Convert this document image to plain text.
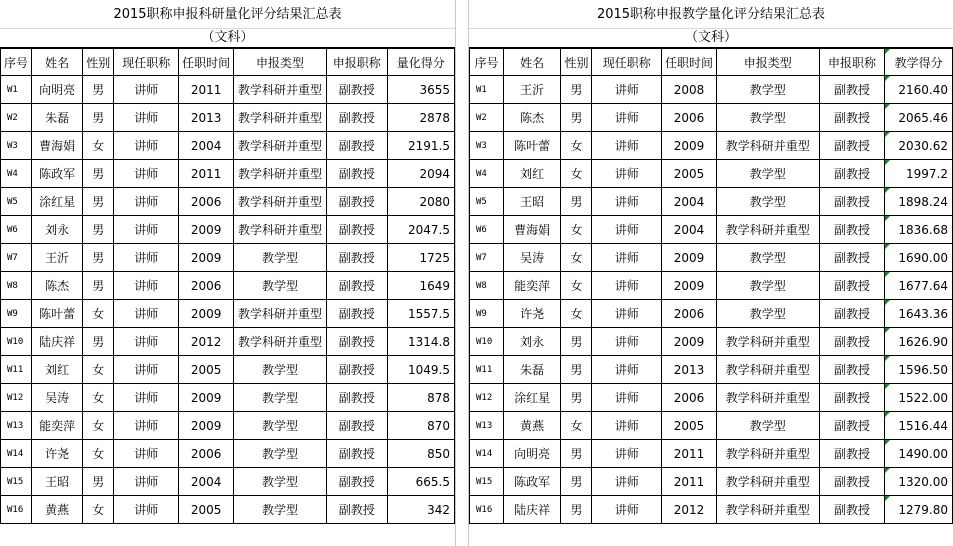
2015职称申报科研量化评分结果汇总表
（文科）
序号	姓名	性别	现任职称	任职时间	申报类型	申报职称	量化得分
W1	向明亮	男	讲师	2011	教学科研并重型	副教授	3655
W2	朱磊	男	讲师	2013	教学科研并重型	副教授	2878
W3	曹海娟	女	讲师	2004	教学科研并重型	副教授	2191.5
W4	陈政军	男	讲师	2011	教学科研并重型	副教授	2094
W5	涂红星	男	讲师	2006	教学科研并重型	副教授	2080
W6	刘永	男	讲师	2009	教学科研并重型	副教授	2047.5
W7	王沂	男	讲师	2009	教学型	副教授	1725
W8	陈杰	男	讲师	2006	教学型	副教授	1649
W9	陈叶蕾	女	讲师	2009	教学科研并重型	副教授	1557.5
W10	陆庆祥	男	讲师	2012	教学科研并重型	副教授	1314.8
W11	刘红	女	讲师	2005	教学型	副教授	1049.5
W12	吴涛	女	讲师	2009	教学型	副教授	878
W13	能奕萍	女	讲师	2009	教学型	副教授	870
W14	许尧	女	讲师	2006	教学型	副教授	850
W15	王昭	男	讲师	2004	教学型	副教授	665.5
W16	黄燕	女	讲师	2005	教学型	副教授	342
2015职称申报教学量化评分结果汇总表
（文科）
序号	姓名	性别	现任职称	任职时间	申报类型	申报职称	教学得分
W1	王沂	男	讲师	2008	教学型	副教授	2160.40
W2	陈杰	男	讲师	2006	教学型	副教授	2065.46
W3	陈叶蕾	女	讲师	2009	教学科研并重型	副教授	2030.62
W4	刘红	女	讲师	2005	教学型	副教授	1997.2
W5	王昭	男	讲师	2004	教学型	副教授	1898.24
W6	曹海娟	女	讲师	2004	教学科研并重型	副教授	1836.68
W7	吴涛	女	讲师	2009	教学型	副教授	1690.00
W8	能奕萍	女	讲师	2009	教学型	副教授	1677.64
W9	许尧	女	讲师	2006	教学型	副教授	1643.36
W10	刘永	男	讲师	2009	教学科研并重型	副教授	1626.90
W11	朱磊	男	讲师	2013	教学科研并重型	副教授	1596.50
W12	涂红星	男	讲师	2006	教学科研并重型	副教授	1522.00
W13	黄燕	女	讲师	2005	教学型	副教授	1516.44
W14	向明亮	男	讲师	2011	教学科研并重型	副教授	1490.00
W15	陈政军	男	讲师	2011	教学科研并重型	副教授	1320.00
W16	陆庆祥	男	讲师	2012	教学科研并重型	副教授	1279.80
